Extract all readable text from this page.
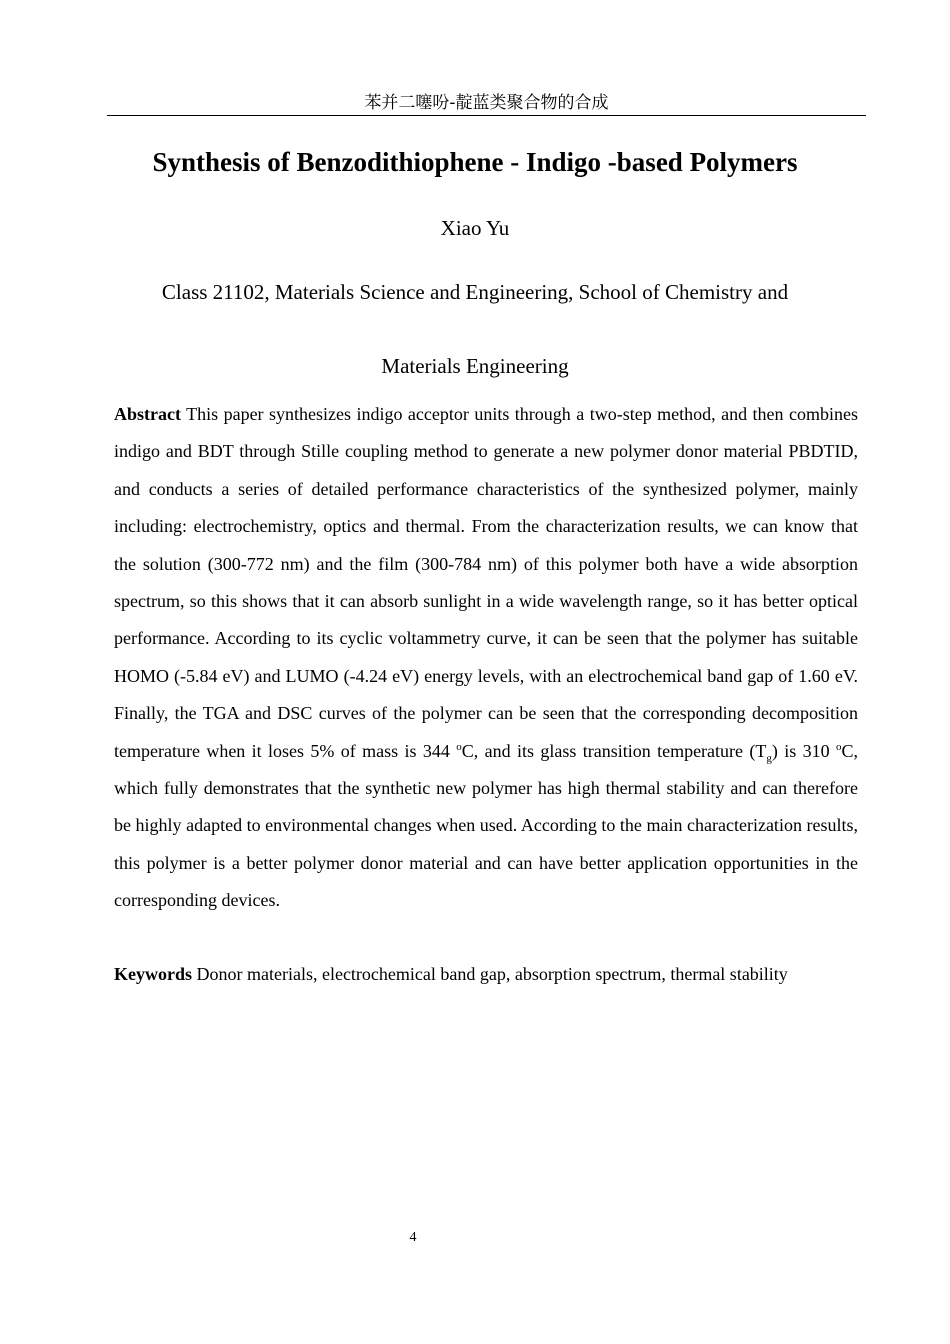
苯并二噻吩-靛蓝类聚合物的合成
Synthesis of Benzodithiophene - Indigo -based Polymers
Xiao Yu
Class 21102, Materials Science and Engineering, School of Chemistry and Materials Engineering

Abstract This paper synthesizes indigo acceptor units through a two-step method, and then combines indigo and BDT through Stille coupling method to generate a new polymer donor material PBDTID, and conducts a series of detailed performance characteristics of the synthesized polymer, mainly including: electrochemistry, optics and thermal. From the characterization results, we can know that the solution (300-772 nm) and the film (300-784 nm) of this polymer both have a wide absorption spectrum, so this shows that it can absorb sunlight in a wide wavelength range, so it has better optical performance. According to its cyclic voltammetry curve, it can be seen that the polymer has suitable HOMO (-5.84 eV) and LUMO (-4.24 eV) energy levels, with an electrochemical band gap of 1.60 eV. Finally, the TGA and DSC curves of the polymer can be seen that the corresponding decomposition temperature when it loses 5% of mass is 344 $^o$C, and its glass transition temperature $(T_g)$ is 310 $^o$C, which fully demonstrates that the synthetic new polymer has high thermal stability and can therefore be highly adapted to environmental changes when used. According to the main characterization results, this polymer is a better polymer donor material and can have better application opportunities in the corresponding devices.

Keywords Donor materials, electrochemical band gap, absorption spectrum, thermal stability

4
